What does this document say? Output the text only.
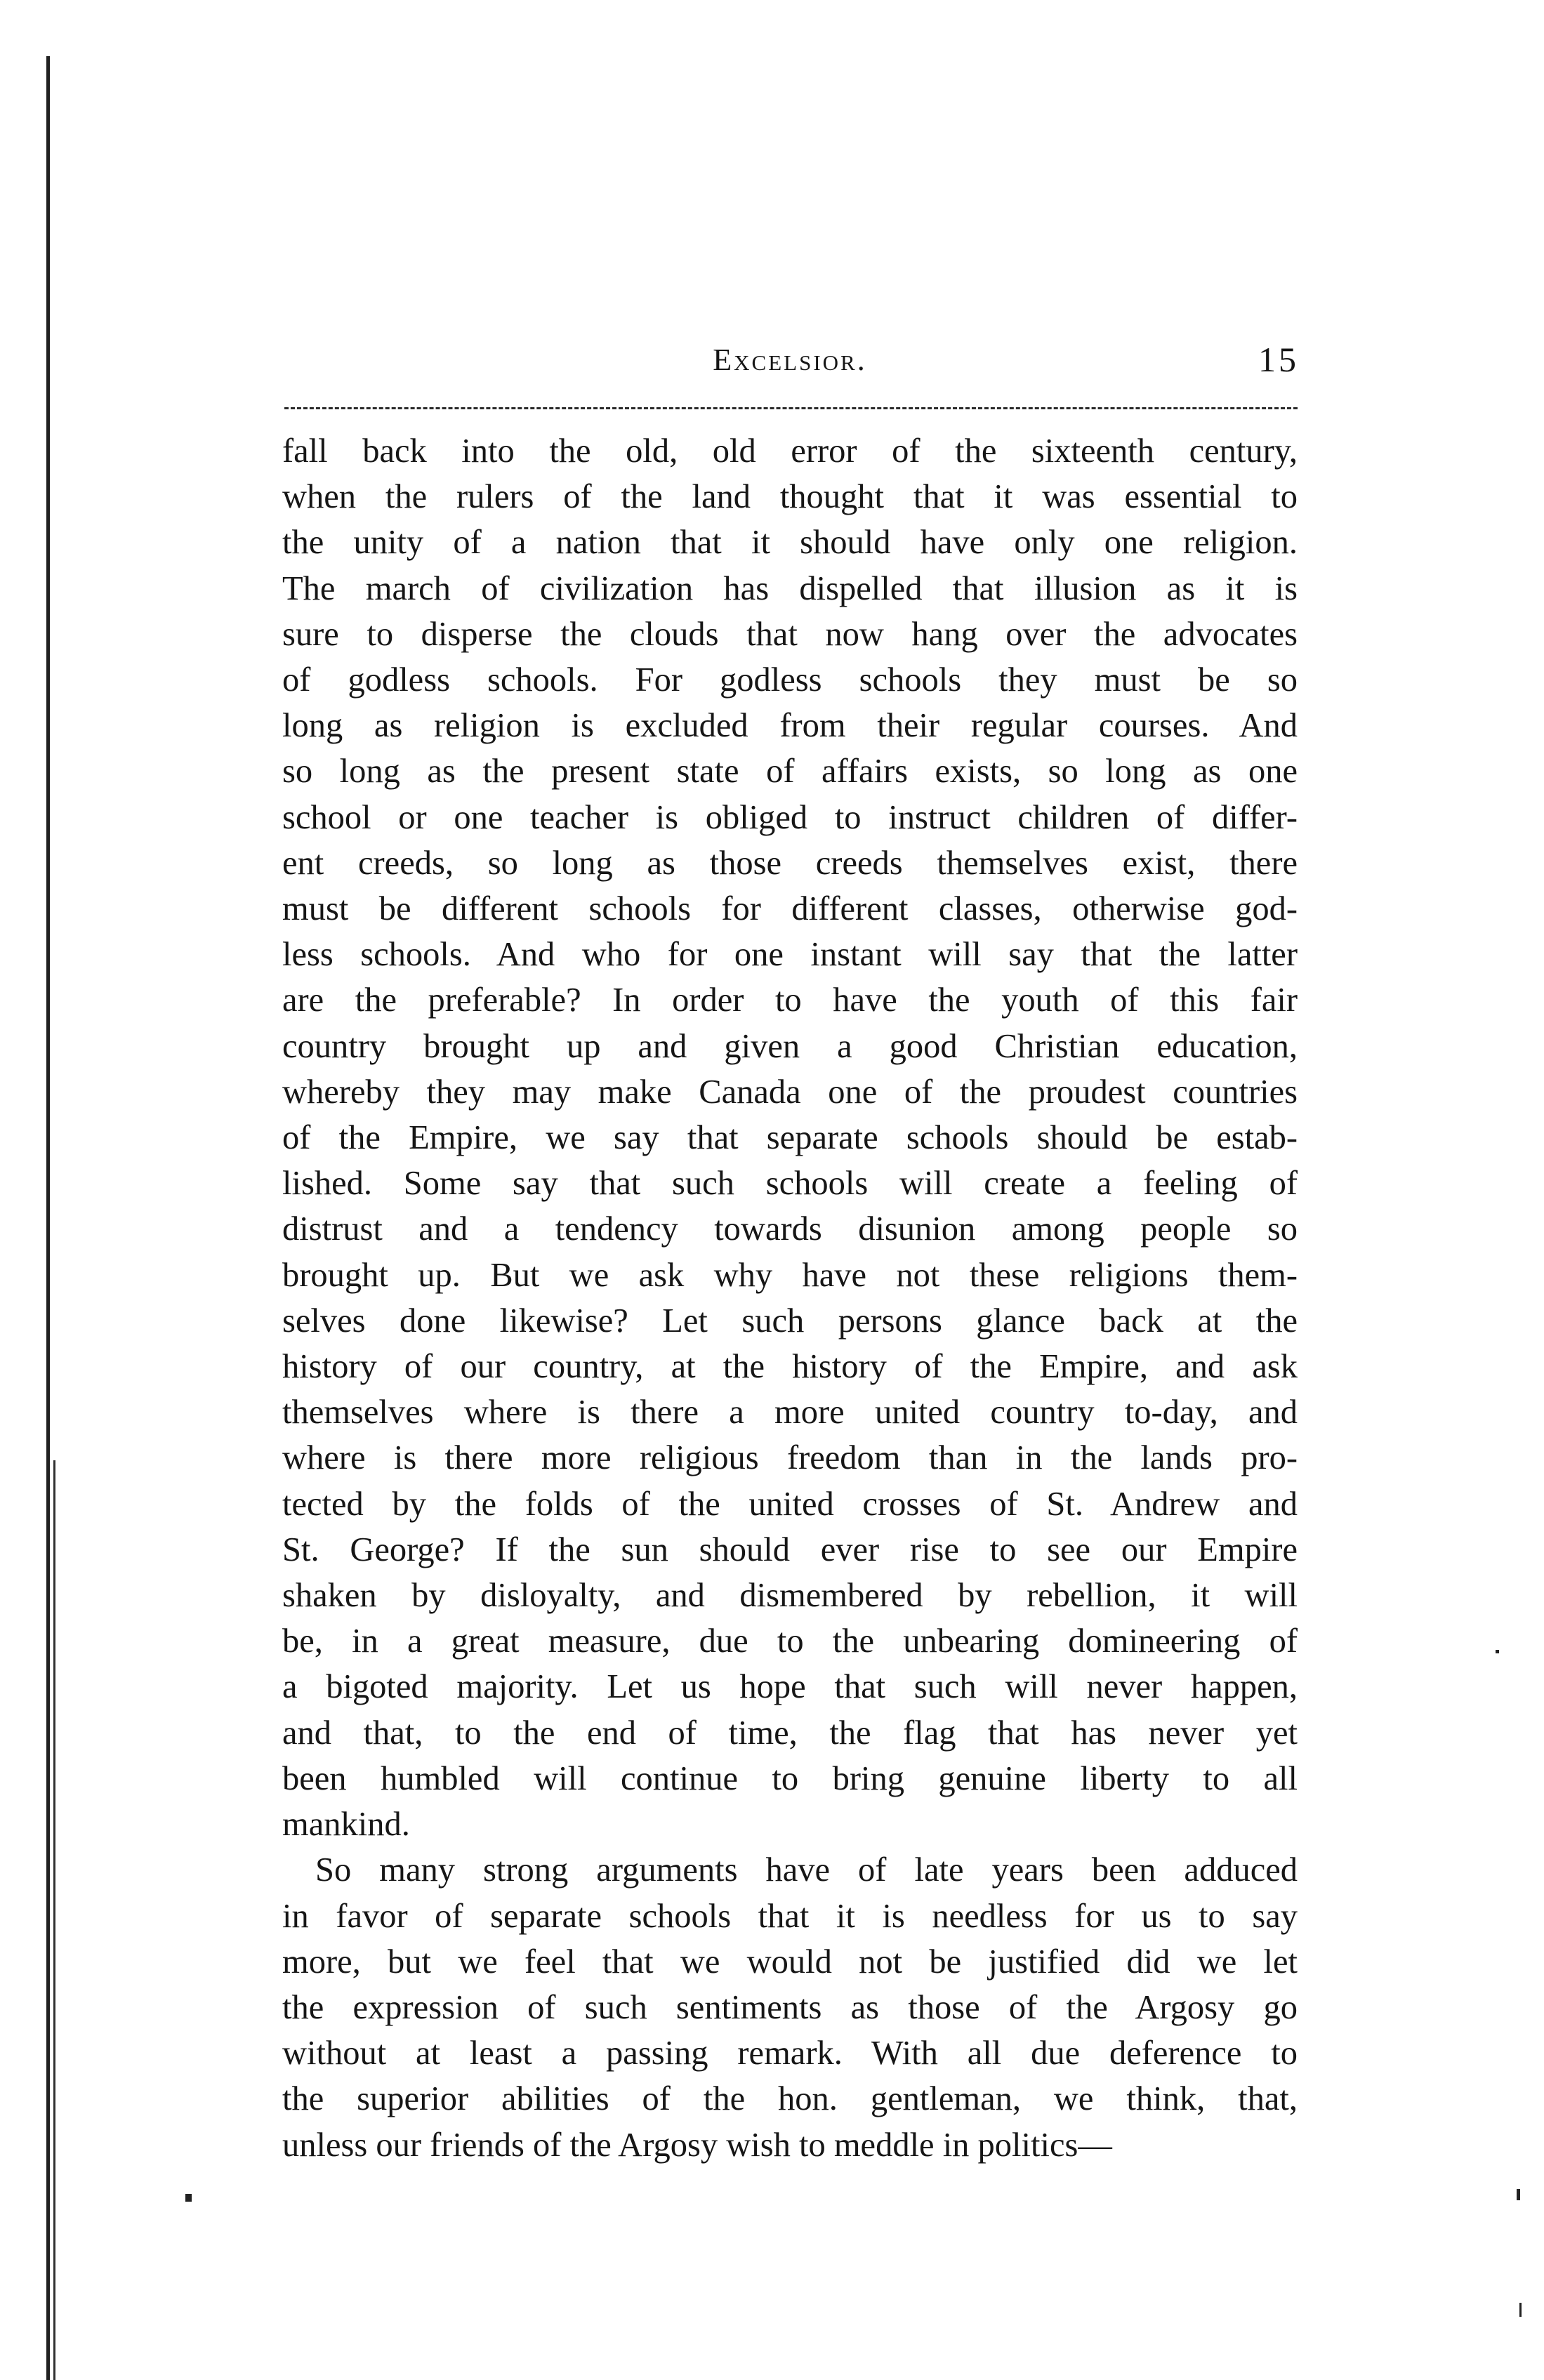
Excelsior.	15

fall back into the old, old error of the sixteenth century,
when the rulers of the land thought that it was essential to
the unity of a nation that it should have only one religion.
The march of civilization has dispelled that illusion as it is
sure to disperse the clouds that now hang over the advocates
of godless schools. For godless schools they must be so
long as religion is excluded from their regular courses. And
so long as the present state of affairs exists, so long as one
school or one teacher is obliged to instruct children of differ-
ent creeds, so long as those creeds themselves exist, there
must be different schools for different classes, otherwise god-
less schools. And who for one instant will say that the latter
are the preferable? In order to have the youth of this fair
country brought up and given a good Christian education,
whereby they may make Canada one of the proudest countries
of the Empire, we say that separate schools should be estab-
lished. Some say that such schools will create a feeling of
distrust and a tendency towards disunion among people so
brought up. But we ask why have not these religions them-
selves done likewise? Let such persons glance back at the
history of our country, at the history of the Empire, and ask
themselves where is there a more united country to-day, and
where is there more religious freedom than in the lands pro-
tected by the folds of the united crosses of St. Andrew and
St. George? If the sun should ever rise to see our Empire
shaken by disloyalty, and dismembered by rebellion, it will
be, in a great measure, due to the unbearing domineering of
a bigoted majority. Let us hope that such will never happen,
and that, to the end of time, the flag that has never yet
been humbled will continue to bring genuine liberty to all
mankind.

So many strong arguments have of late years been adduced
in favor of separate schools that it is needless for us to say
more, but we feel that we would not be justified did we let
the expression of such sentiments as those of the Argosy go
without at least a passing remark. With all due deference to
the superior abilities of the hon. gentleman, we think, that,
unless our friends of the Argosy wish to meddle in politics—
